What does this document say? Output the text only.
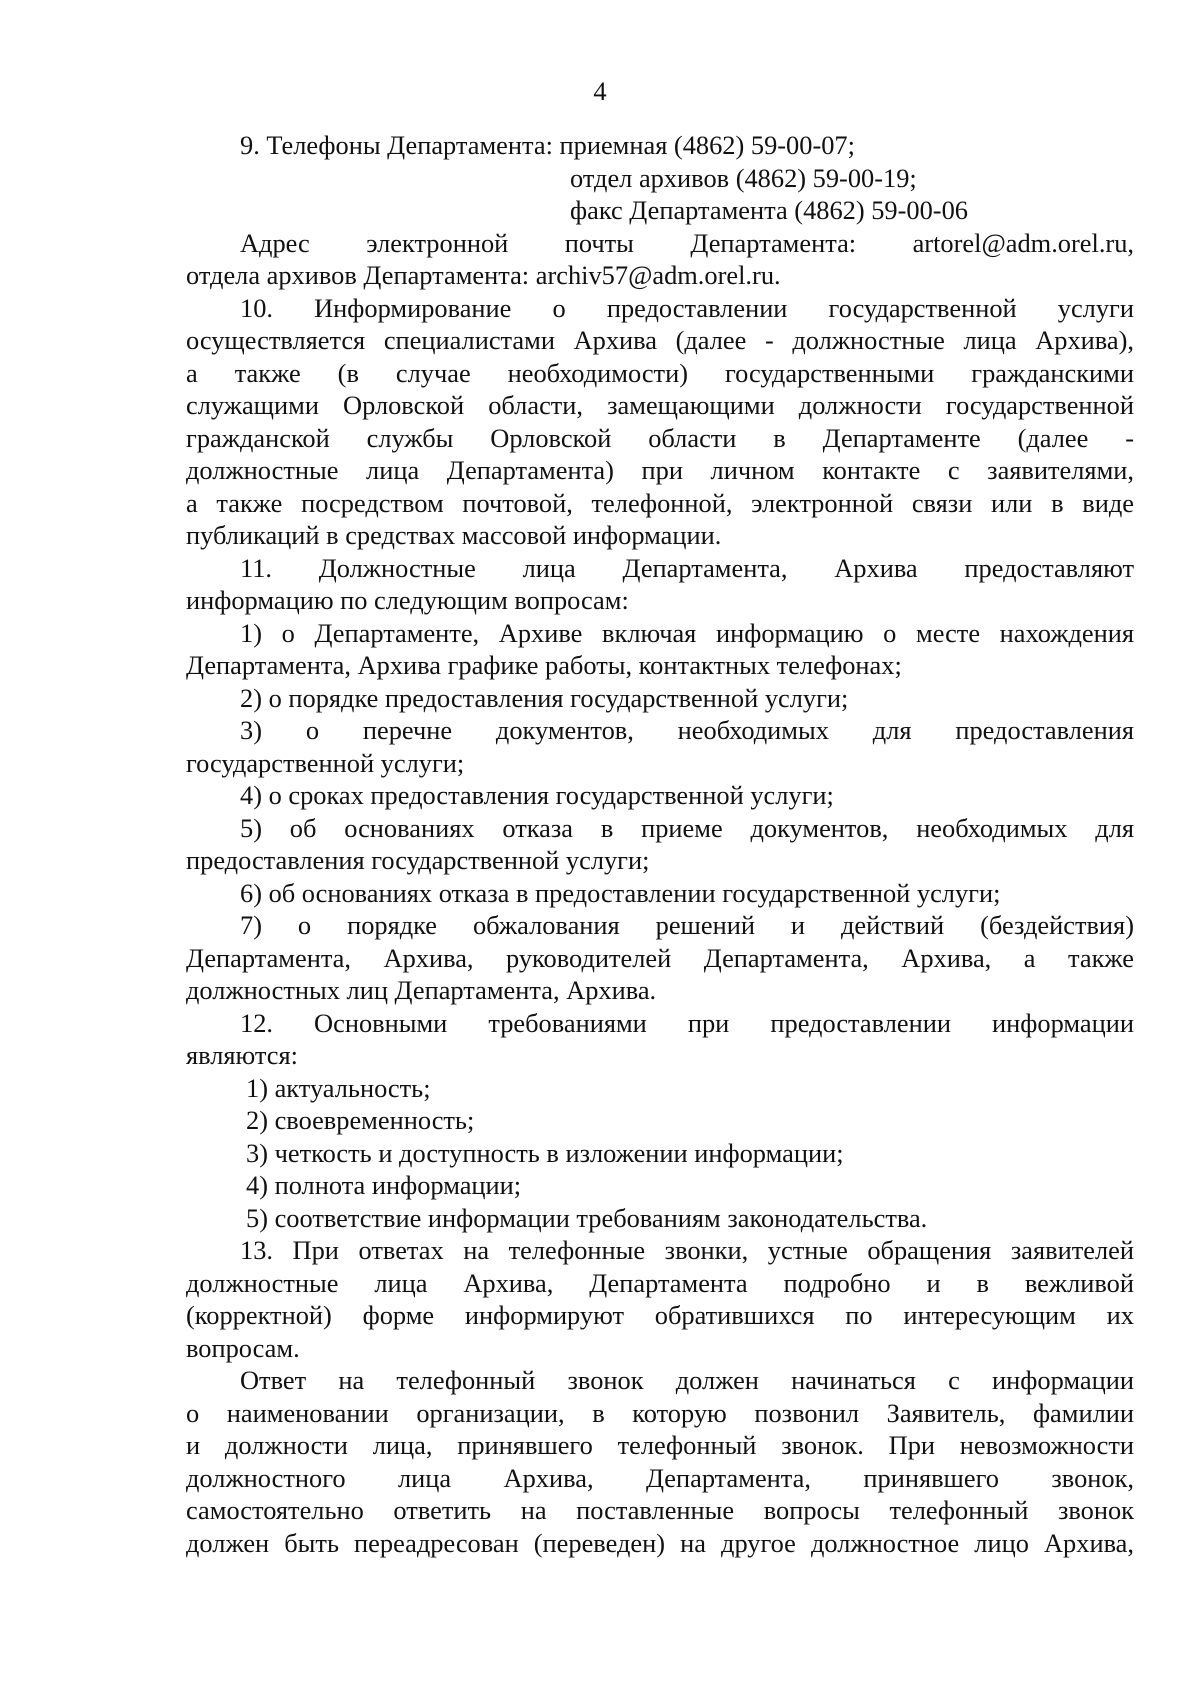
4

9. Телефоны Департамента: приемная (4862) 59-00-07;

отдел архивов (4862) 59-00-19;

факс Департамента (4862) 59-00-06

Адрес электронной почты Департамента: artorel@adm.orel.ru,

отдела архивов Департамента: archiv57@adm.orel.ru.

10. Информирование о предоставлении государственной услуги

осуществляется специалистами Архива (далее - должностные лица Архива),

а также (в случае необходимости) государственными гражданскими

служащими Орловской области, замещающими должности государственной

гражданской службы Орловской области в Департаменте (далее -

должностные лица Департамента) при личном контакте с заявителями,

а также посредством почтовой, телефонной, электронной связи или в виде

публикаций в средствах массовой информации.

11. Должностные лица Департамента, Архива предоставляют

информацию по следующим вопросам:

1) о Департаменте, Архиве включая информацию о месте нахождения

Департамента, Архива графике работы, контактных телефонах;

2) о порядке предоставления государственной услуги;

3) о перечне документов, необходимых для предоставления

государственной услуги;

4) о сроках предоставления государственной услуги;

5) об основаниях отказа в приеме документов, необходимых для

предоставления государственной услуги;

6) об основаниях отказа в предоставлении государственной услуги;

7) о порядке обжалования решений и действий (бездействия)

Департамента, Архива, руководителей Департамента, Архива, а также

должностных лиц Департамента, Архива.

12. Основными требованиями при предоставлении информации

являются:

1) актуальность;

2) своевременность;

3) четкость и доступность в изложении информации;

4) полнота информации;

5) соответствие информации требованиям законодательства.

13. При ответах на телефонные звонки, устные обращения заявителей

должностные лица Архива, Департамента подробно и в вежливой

(корректной) форме информируют обратившихся по интересующим их

вопросам.

Ответ на телефонный звонок должен начинаться с информации

о наименовании организации, в которую позвонил Заявитель, фамилии

и должности лица, принявшего телефонный звонок. При невозможности

должностного лица Архива, Департамента, принявшего звонок,

самостоятельно ответить на поставленные вопросы телефонный звонок

должен быть переадресован (переведен) на другое должностное лицо Архива,
